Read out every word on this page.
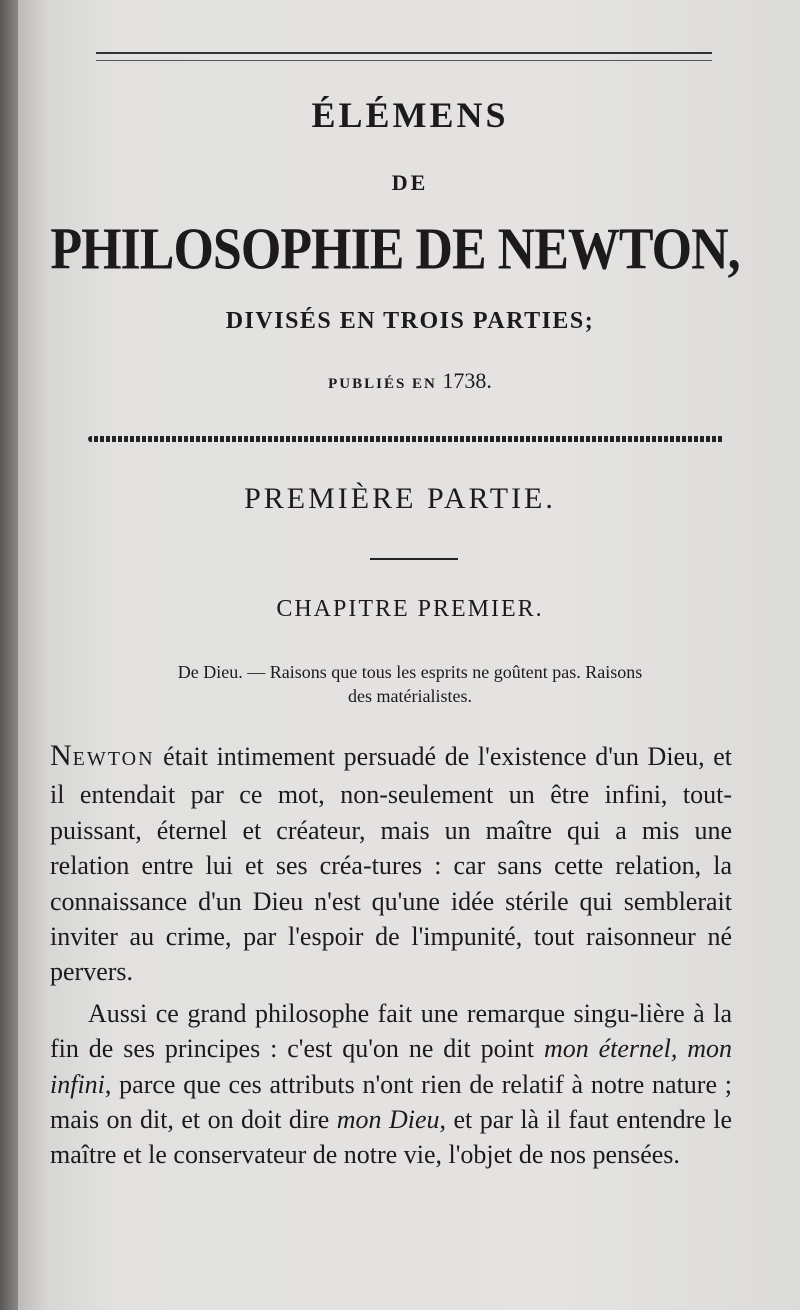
ÉLÉMENS
DE
PHILOSOPHIE DE NEWTON,
DIVISÉS EN TROIS PARTIES;
PUBLIÉS EN 1738.
PREMIÈRE PARTIE.
CHAPITRE PREMIER.
De Dieu. — Raisons que tous les esprits ne goûtent pas. Raisons
des matérialistes.

NEWTON était intimement persuadé de l'existence d'un Dieu, et il entendait par ce mot, non-seulement un être infini, tout-puissant, éternel et créateur, mais un maître qui a mis une relation entre lui et ses créa-tures : car sans cette relation, la connaissance d'un Dieu n'est qu'une idée stérile qui semblerait inviter au crime, par l'espoir de l'impunité, tout raisonneur né pervers.

Aussi ce grand philosophe fait une remarque singu-lière à la fin de ses principes : c'est qu'on ne dit point mon éternel, mon infini, parce que ces attributs n'ont rien de relatif à notre nature ; mais on dit, et on doit dire mon Dieu, et par là il faut entendre le maître et le conservateur de notre vie, l'objet de nos pensées.
